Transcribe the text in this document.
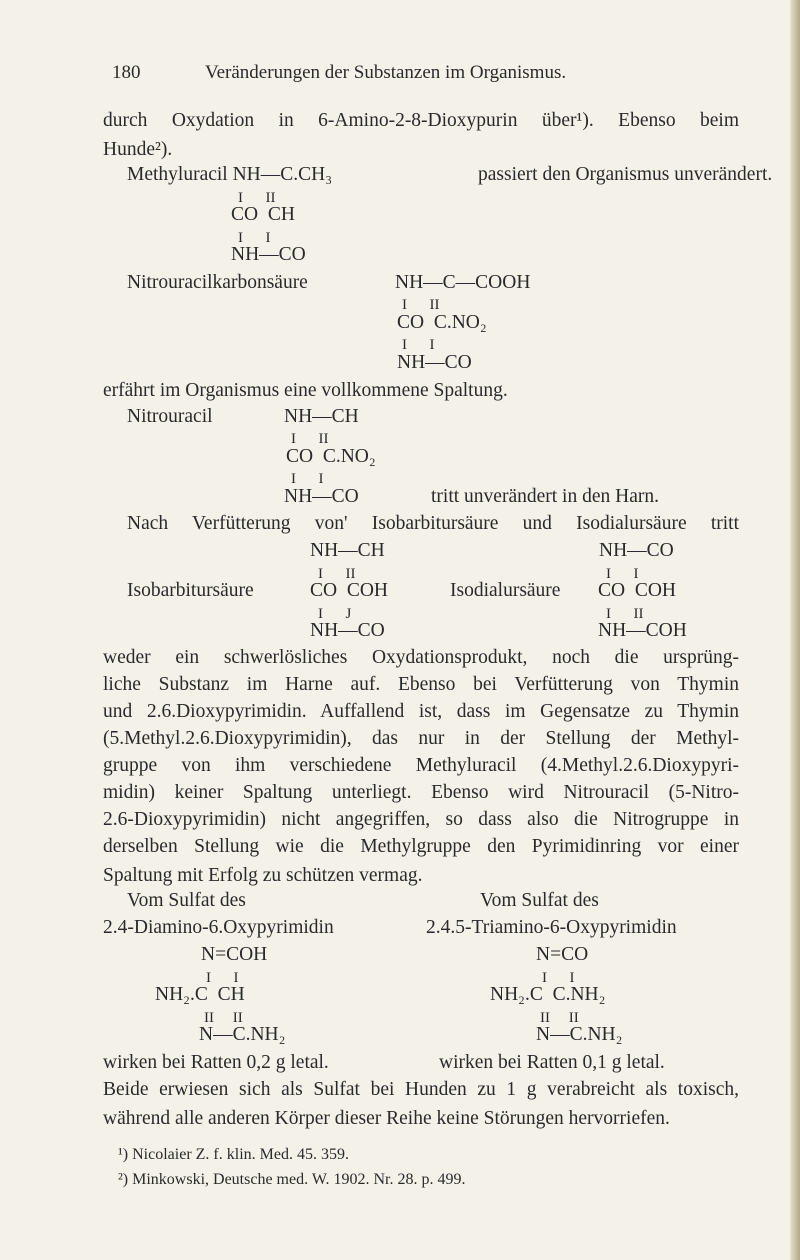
180	Veränderungen der Substanzen im Organismus.
durch Oxydation in 6-Amino-2-8-Dioxypurin über¹). Ebenso beim
Hunde²).
Methyluracil NH—C.CH₃	passiert den Organismus unverändert.
I      II
CO  CH
I      I
NH—CO
Nitrouracilkarbonsäure	NH—C—COOH
I      II
CO  C.NO₂
I      I
NH—CO
erfährt im Organismus eine vollkommene Spaltung.
Nitrouracil	NH—CH
I      II
CO  C.NO₂
I      I
NH—CO	tritt unverändert in den Harn.
Nach Verfütterung von' Isobarbitursäure und Isodialursäure tritt
NH—CH
I      II
Isobarbitursäure	CO  COH
I      J
NH—CO
NH—CO
I      I
Isodialursäure CO  COH
I      II
NH—COH
weder ein schwerlösliches Oxydationsprodukt, noch die ursprüng-
liche Substanz im Harne auf. Ebenso bei Verfütterung von Thymin
und 2.6.Dioxypyrimidin. Auffallend ist, dass im Gegensatze zu Thymin
(5.Methyl.2.6.Dioxypyrimidin), das nur in der Stellung der Methyl-
gruppe von ihm verschiedene Methyluracil (4.Methyl.2.6.Dioxypyri-
midin) keiner Spaltung unterliegt. Ebenso wird Nitrouracil (5-Nitro-
2.6-Dioxypyrimidin) nicht angegriffen, so dass also die Nitrogruppe in
derselben Stellung wie die Methylgruppe den Pyrimidinring vor einer
Spaltung mit Erfolg zu schützen vermag.
Vom Sulfat des
2.4-Diamino-6.Oxypyrimidin
N=COH
I      I
NH₂.C  CH
II     II
N—C.NH₂
wirken bei Ratten 0,2 g letal.
Vom Sulfat des
2.4.5-Triamino-6-Oxypyrimidin
N=CO
I      I
NH₂.C  C.NH₂
II     II
N—C.NH₂
wirken bei Ratten 0,1 g letal.
Beide erwiesen sich als Sulfat bei Hunden zu 1 g verabreicht als toxisch,
während alle anderen Körper dieser Reihe keine Störungen hervorriefen.
¹) Nicolaier Z. f. klin. Med. 45. 359.
²) Minkowski, Deutsche med. W. 1902. Nr. 28. p. 499.
